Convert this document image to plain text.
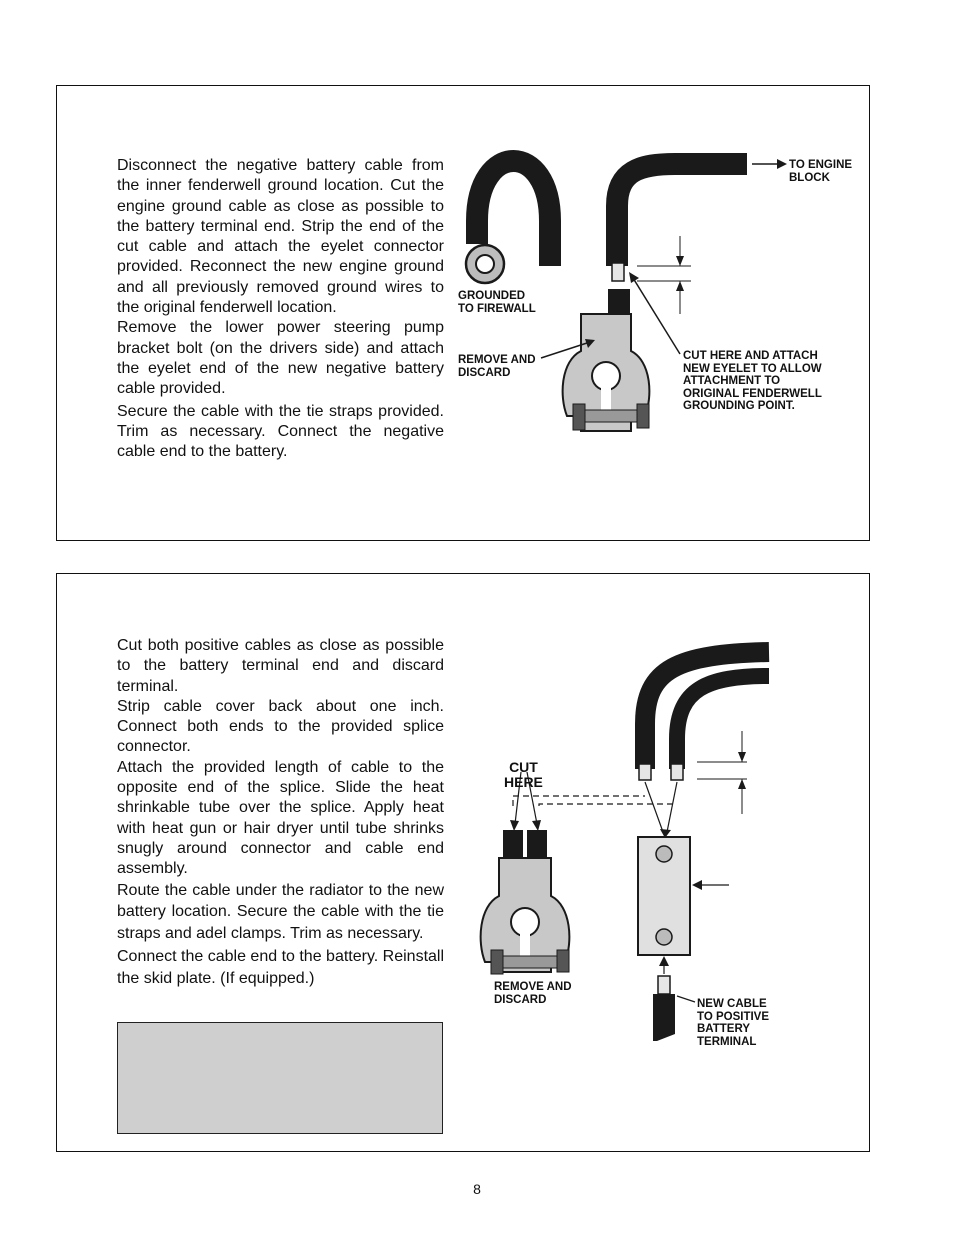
Disconnect the negative battery cable from the inner fenderwell ground location. Cut the engine ground cable as close as possible to the battery terminal end. Strip the end of the cut cable and attach the eyelet connector provided. Reconnect the new engine ground and all previously removed ground wires to the original fenderwell location.

Remove the lower power steering pump bracket bolt (on the drivers side) and attach the eyelet end of the new negative battery cable provided.

Secure the cable with the tie straps provided. Trim as necessary. Connect the negative cable end to the battery.

TO ENGINE
BLOCK
GROUNDED
TO FIREWALL
REMOVE AND
DISCARD
CUT HERE AND ATTACH
NEW EYELET TO ALLOW
ATTACHMENT TO
ORIGINAL FENDERWELL
GROUNDING POINT.

Cut both positive cables as close as possible to the battery terminal end and discard terminal.

Strip cable cover back about one inch. Connect both ends to the provided splice connector.

Attach the provided length of cable to the opposite end of the splice. Slide the heat shrinkable tube over the splice. Apply heat with heat gun or hair dryer until tube shrinks snugly around connector and cable end assembly.

Route the cable under the radiator to the new battery location. Secure the cable with the tie straps and adel clamps. Trim as necessary.

Connect the cable end to the battery. Reinstall the skid plate. (If equipped.)

CUT
HERE
REMOVE AND
DISCARD	NEW CABLE
TO POSITIVE
BATTERY
TERMINAL
8
